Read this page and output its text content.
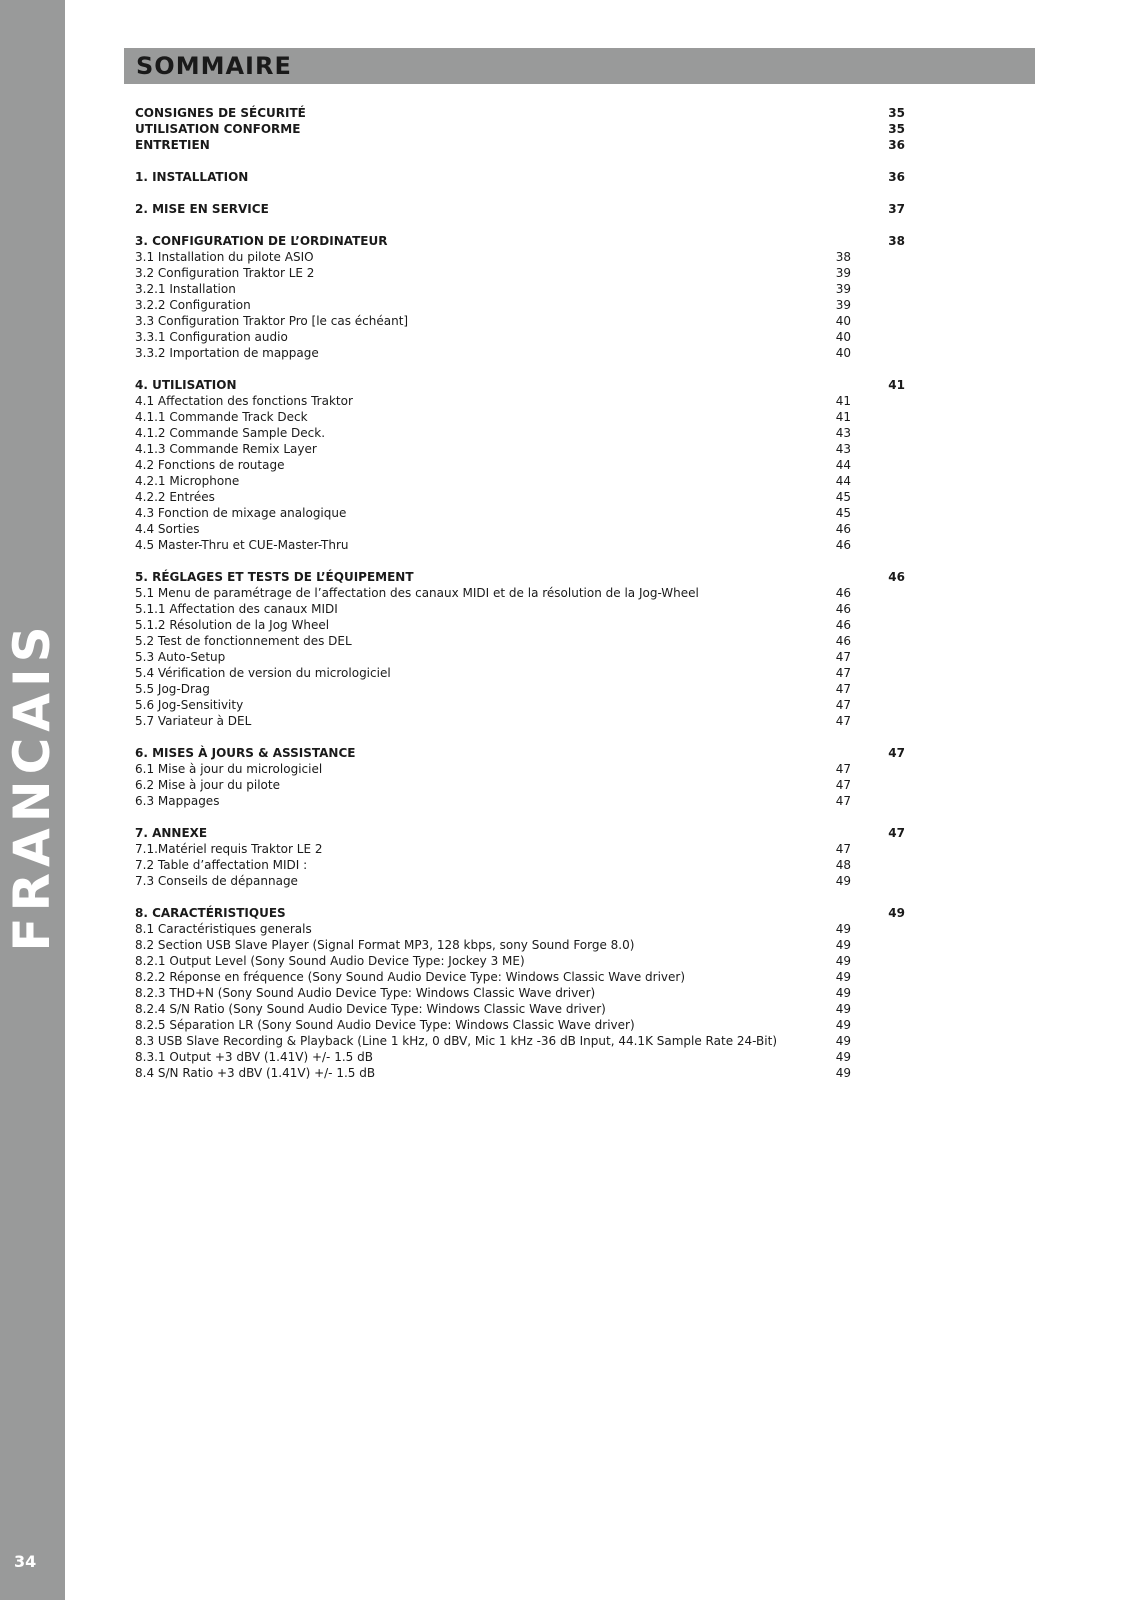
FRANCAIS
34
SOMMAIRE
CONSIGNES DE SÉCURITÉ	35
UTILISATION CONFORME	35
ENTRETIEN	36
1. INSTALLATION	36
2. MISE EN SERVICE	37
3. CONFIGURATION DE L’ORDINATEUR	38
3.1 Installation du pilote ASIO	38
3.2 Configuration Traktor LE 2	39
3.2.1 Installation	39
3.2.2 Configuration	39
3.3 Configuration Traktor Pro [le cas échéant]	40
3.3.1 Configuration audio	40
3.3.2 Importation de mappage	40
4. UTILISATION	41
4.1 Affectation des fonctions Traktor	41
4.1.1 Commande Track Deck	41
4.1.2 Commande Sample Deck.	43
4.1.3 Commande Remix Layer	43
4.2 Fonctions de routage	44
4.2.1 Microphone	44
4.2.2 Entrées	45
4.3 Fonction de mixage analogique	45
4.4 Sorties	46
4.5 Master-Thru et CUE-Master-Thru	46
5. RÉGLAGES ET TESTS DE L’ÉQUIPEMENT	46
5.1 Menu de paramétrage de l’affectation des canaux MIDI et de la résolution de la Jog-Wheel	46
5.1.1 Affectation des canaux MIDI	46
5.1.2 Résolution de la Jog Wheel	46
5.2 Test de fonctionnement des DEL	46
5.3 Auto-Setup	47
5.4 Vérification de version du micrologiciel	47
5.5 Jog-Drag	47
5.6 Jog-Sensitivity	47
5.7 Variateur à DEL	47
6. MISES À JOURS & ASSISTANCE	47
6.1 Mise à jour du micrologiciel	47
6.2 Mise à jour du pilote	47
6.3 Mappages	47
7. ANNEXE	47
7.1.Matériel requis Traktor LE 2	47
7.2 Table d’affectation MIDI :	48
7.3 Conseils de dépannage	49
8. CARACTÉRISTIQUES	49
8.1 Caractéristiques generals	49
8.2 Section USB Slave Player (Signal Format MP3, 128 kbps, sony Sound Forge 8.0)	49
8.2.1 Output Level (Sony Sound Audio Device Type: Jockey 3 ME)	49
8.2.2 Réponse en fréquence (Sony Sound Audio Device Type: Windows Classic Wave driver)	49
8.2.3 THD+N (Sony Sound Audio Device Type: Windows Classic Wave driver)	49
8.2.4 S/N Ratio (Sony Sound Audio Device Type: Windows Classic Wave driver)	49
8.2.5 Séparation LR (Sony Sound Audio Device Type: Windows Classic Wave driver)	49
8.3 USB Slave Recording & Playback (Line 1 kHz, 0 dBV, Mic 1 kHz -36 dB Input, 44.1K Sample Rate 24-Bit)	49
8.3.1 Output +3 dBV (1.41V) +/- 1.5 dB	49
8.4 S/N Ratio +3 dBV (1.41V) +/- 1.5 dB	49
